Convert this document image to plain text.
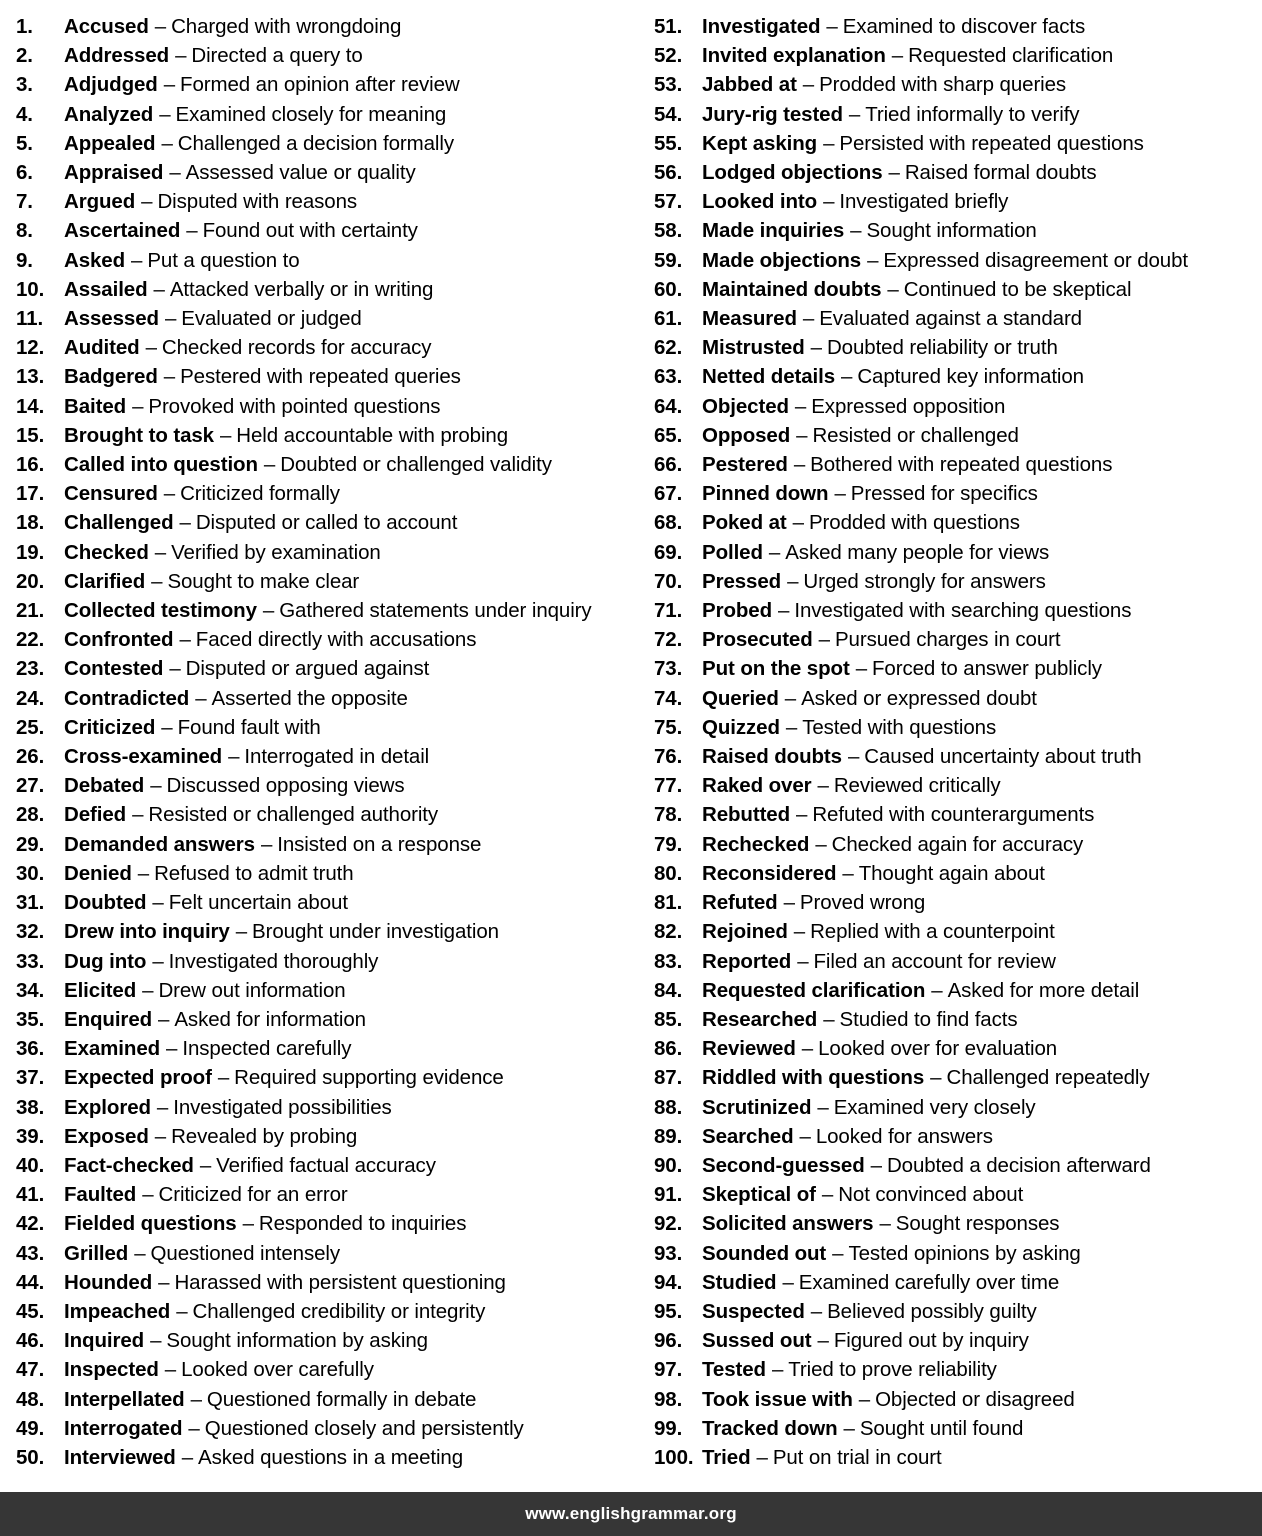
1.	Accused – Charged with wrongdoing
2.	Addressed – Directed a query to
3.	Adjudged – Formed an opinion after review
4.	Analyzed – Examined closely for meaning
5.	Appealed – Challenged a decision formally
6.	Appraised – Assessed value or quality
7.	Argued – Disputed with reasons
8.	Ascertained – Found out with certainty
9.	Asked – Put a question to
10. Assailed – Attacked verbally or in writing
11.	Assessed – Evaluated or judged
12. Audited – Checked records for accuracy
13. Badgered – Pestered with repeated queries
14. Baited – Provoked with pointed questions
15. Brought to task – Held accountable with probing
16. Called into question – Doubted or challenged validity
17. Censured – Criticized formally
18. Challenged – Disputed or called to account
19. Checked – Verified by examination
20. Clarified – Sought to make clear
21. Collected testimony – Gathered statements under inquiry
22. Confronted – Faced directly with accusations
23. Contested – Disputed or argued against
24. Contradicted – Asserted the opposite
25. Criticized – Found fault with
26. Cross-examined – Interrogated in detail
27. Debated – Discussed opposing views
28. Defied – Resisted or challenged authority
29. Demanded answers – Insisted on a response
30. Denied – Refused to admit truth
31. Doubted – Felt uncertain about
32. Drew into inquiry – Brought under investigation
33. Dug into – Investigated thoroughly
34. Elicited – Drew out information
35. Enquired – Asked for information
36. Examined – Inspected carefully
37. Expected proof – Required supporting evidence
38. Explored – Investigated possibilities
39. Exposed – Revealed by probing
40. Fact-checked – Verified factual accuracy
41. Faulted – Criticized for an error
42. Fielded questions – Responded to inquiries
43. Grilled – Questioned intensely
44. Hounded – Harassed with persistent questioning
45. Impeached – Challenged credibility or integrity
46. Inquired – Sought information by asking
47. Inspected – Looked over carefully
48. Interpellated – Questioned formally in debate
49. Interrogated – Questioned closely and persistently
50. Interviewed – Asked questions in a meeting
51. Investigated – Examined to discover facts
52. Invited explanation – Requested clarification
53. Jabbed at – Prodded with sharp queries
54. Jury-rig tested – Tried informally to verify
55. Kept asking – Persisted with repeated questions
56. Lodged objections – Raised formal doubts
57. Looked into – Investigated briefly
58. Made inquiries – Sought information
59. Made objections – Expressed disagreement or doubt
60. Maintained doubts – Continued to be skeptical
61. Measured – Evaluated against a standard
62. Mistrusted – Doubted reliability or truth
63. Netted details – Captured key information
64. Objected – Expressed opposition
65. Opposed – Resisted or challenged
66. Pestered – Bothered with repeated questions
67. Pinned down – Pressed for specifics
68. Poked at – Prodded with questions
69. Polled – Asked many people for views
70. Pressed – Urged strongly for answers
71. Probed – Investigated with searching questions
72. Prosecuted – Pursued charges in court
73. Put on the spot – Forced to answer publicly
74. Queried – Asked or expressed doubt
75. Quizzed – Tested with questions
76. Raised doubts – Caused uncertainty about truth
77. Raked over – Reviewed critically
78. Rebutted – Refuted with counterarguments
79. Rechecked – Checked again for accuracy
80. Reconsidered – Thought again about
81. Refuted – Proved wrong
82. Rejoined – Replied with a counterpoint
83. Reported – Filed an account for review
84. Requested clarification – Asked for more detail
85. Researched – Studied to find facts
86. Reviewed – Looked over for evaluation
87. Riddled with questions – Challenged repeatedly
88. Scrutinized – Examined very closely
89. Searched – Looked for answers
90. Second-guessed – Doubted a decision afterward
91. Skeptical of – Not convinced about
92. Solicited answers – Sought responses
93. Sounded out – Tested opinions by asking
94. Studied – Examined carefully over time
95. Suspected – Believed possibly guilty
96. Sussed out – Figured out by inquiry
97. Tested – Tried to prove reliability
98. Took issue with – Objected or disagreed
99. Tracked down – Sought until found
100. Tried – Put on trial in court
www.englishgrammar.org
